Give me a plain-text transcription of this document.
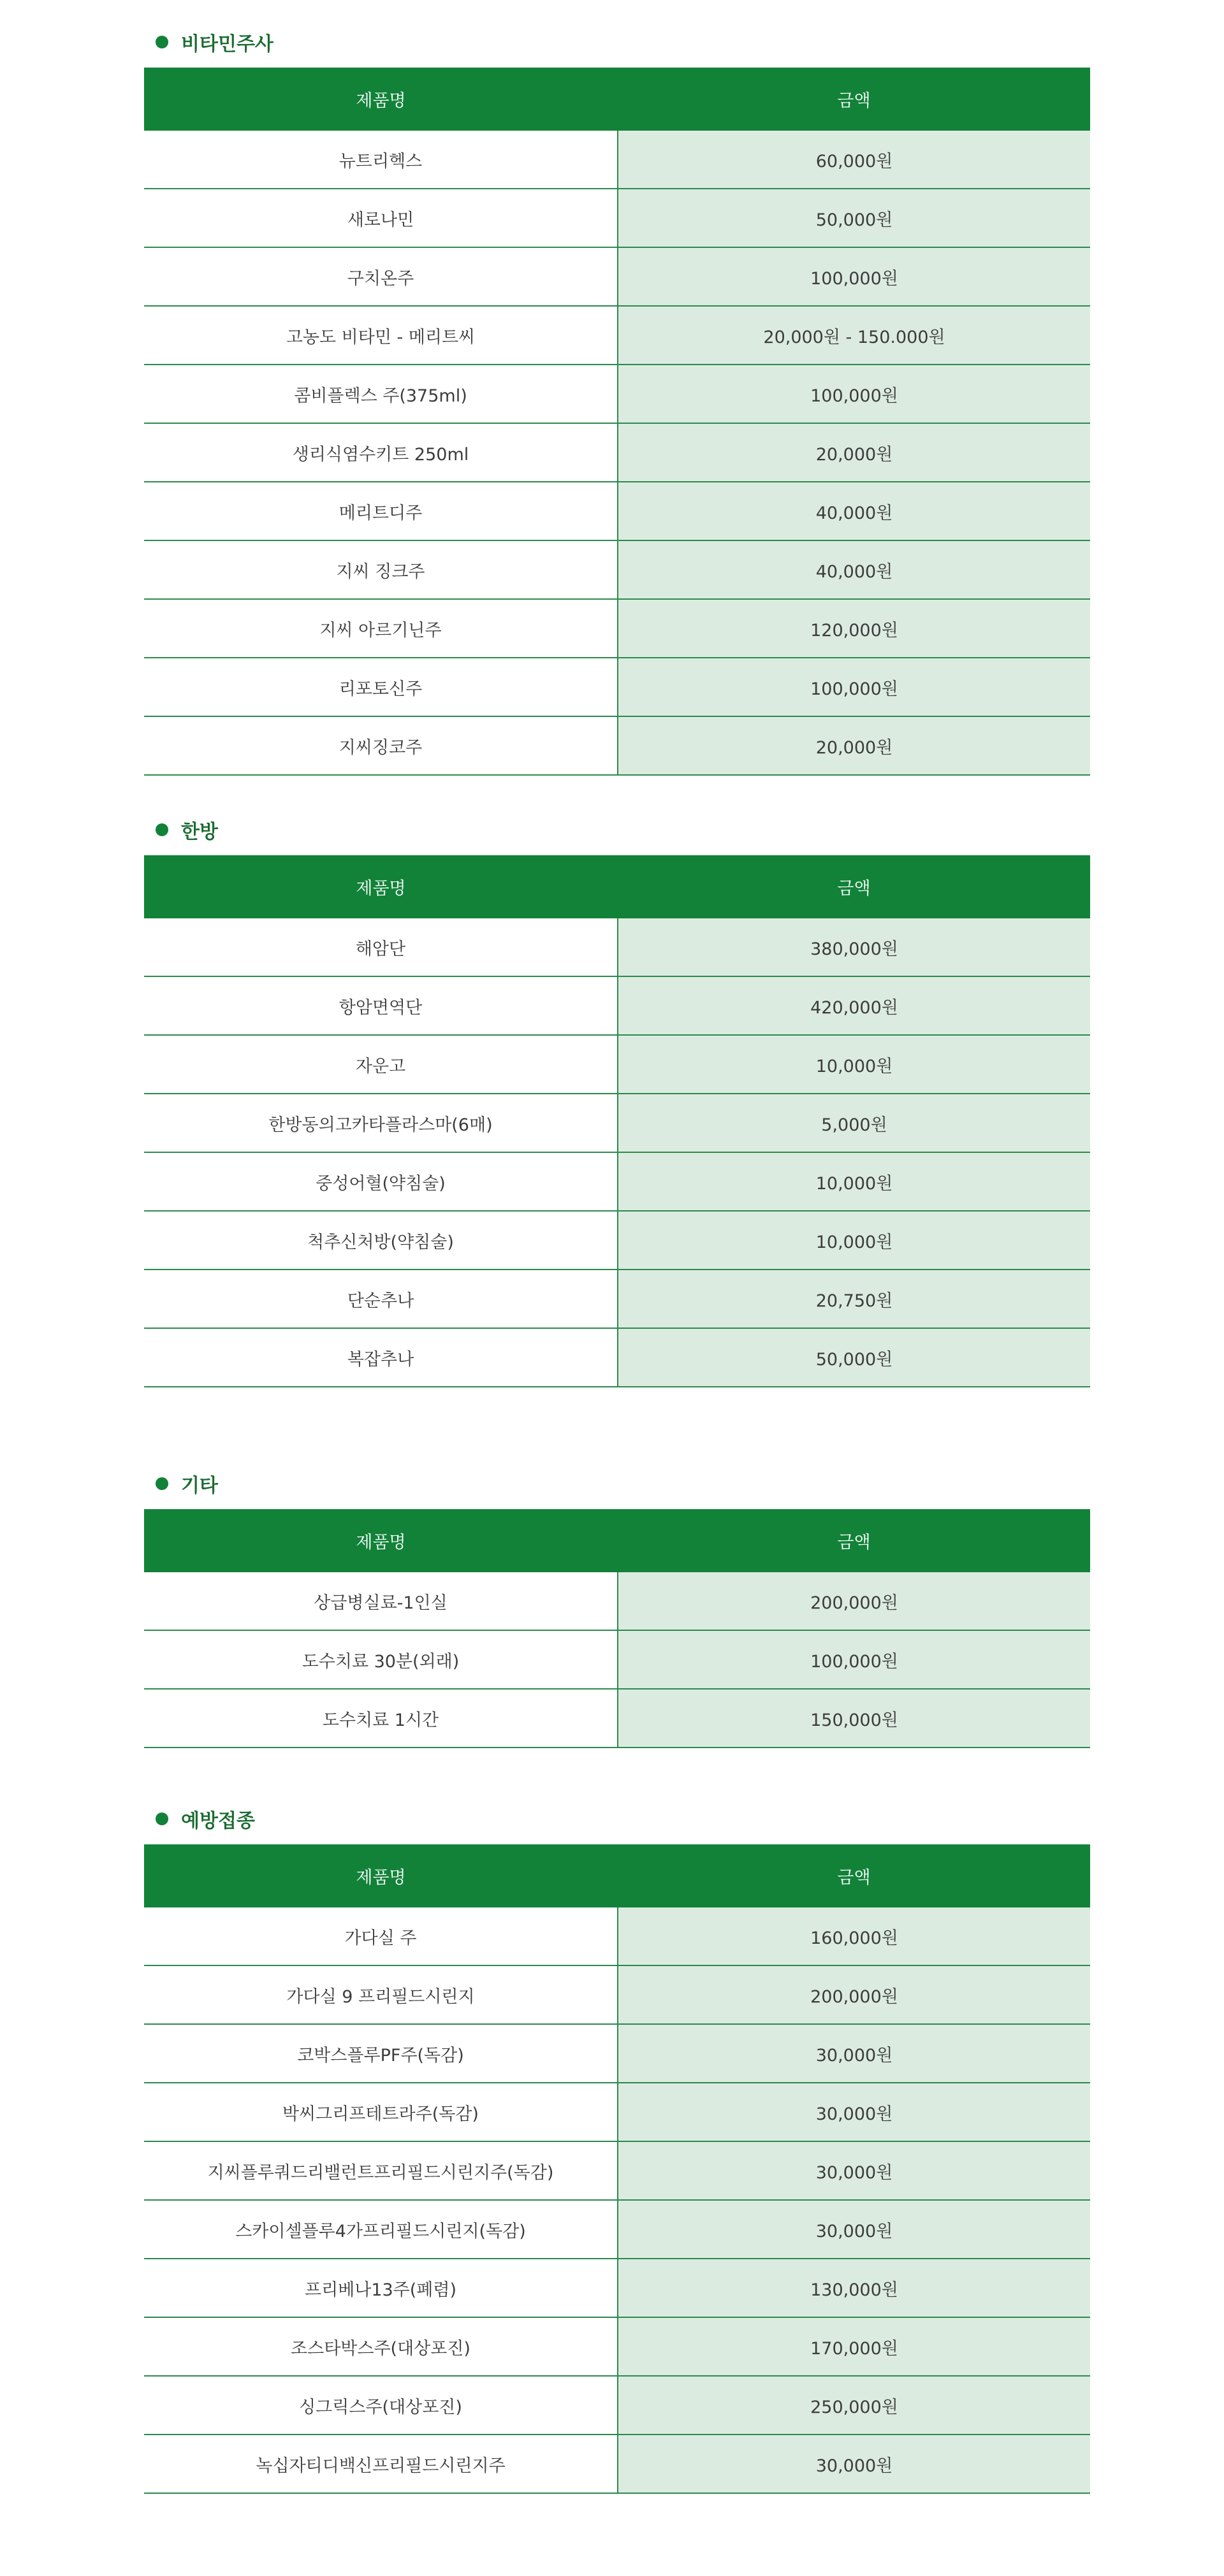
비타민주사
제품명	금액
뉴트리헥스	60,000원
새로나민	50,000원
구치온주	100,000원
고농도 비타민 - 메리트씨	20,000원 - 150.000원
콤비플렉스 주(375ml)	100,000원
생리식염수키트 250ml	20,000원
메리트디주	40,000원
지씨 징크주	40,000원
지씨 아르기닌주	120,000원
리포토신주	100,000원
지씨징코주	20,000원
한방
제품명	금액
해암단	380,000원
항암면역단	420,000원
자운고	10,000원
한방동의고카타플라스마(6매)	5,000원
중성어혈(약침술)	10,000원
척추신처방(약침술)	10,000원
단순추나	20,750원
복잡추나	50,000원
기타
제품명	금액
상급병실료-1인실	200,000원
도수치료 30분(외래)	100,000원
도수치료 1시간	150,000원
예방접종
제품명	금액
가다실 주	160,000원
가다실 9 프리필드시린지	200,000원
코박스플루PF주(독감)	30,000원
박씨그리프테트라주(독감)	30,000원
지씨플루쿼드리밸런트프리필드시린지주(독감)	30,000원
스카이셀플루4가프리필드시린지(독감)	30,000원
프리베나13주(폐렴)	130,000원
조스타박스주(대상포진)	170,000원
싱그릭스주(대상포진)	250,000원
녹십자티디백신프리필드시린지주	30,000원
